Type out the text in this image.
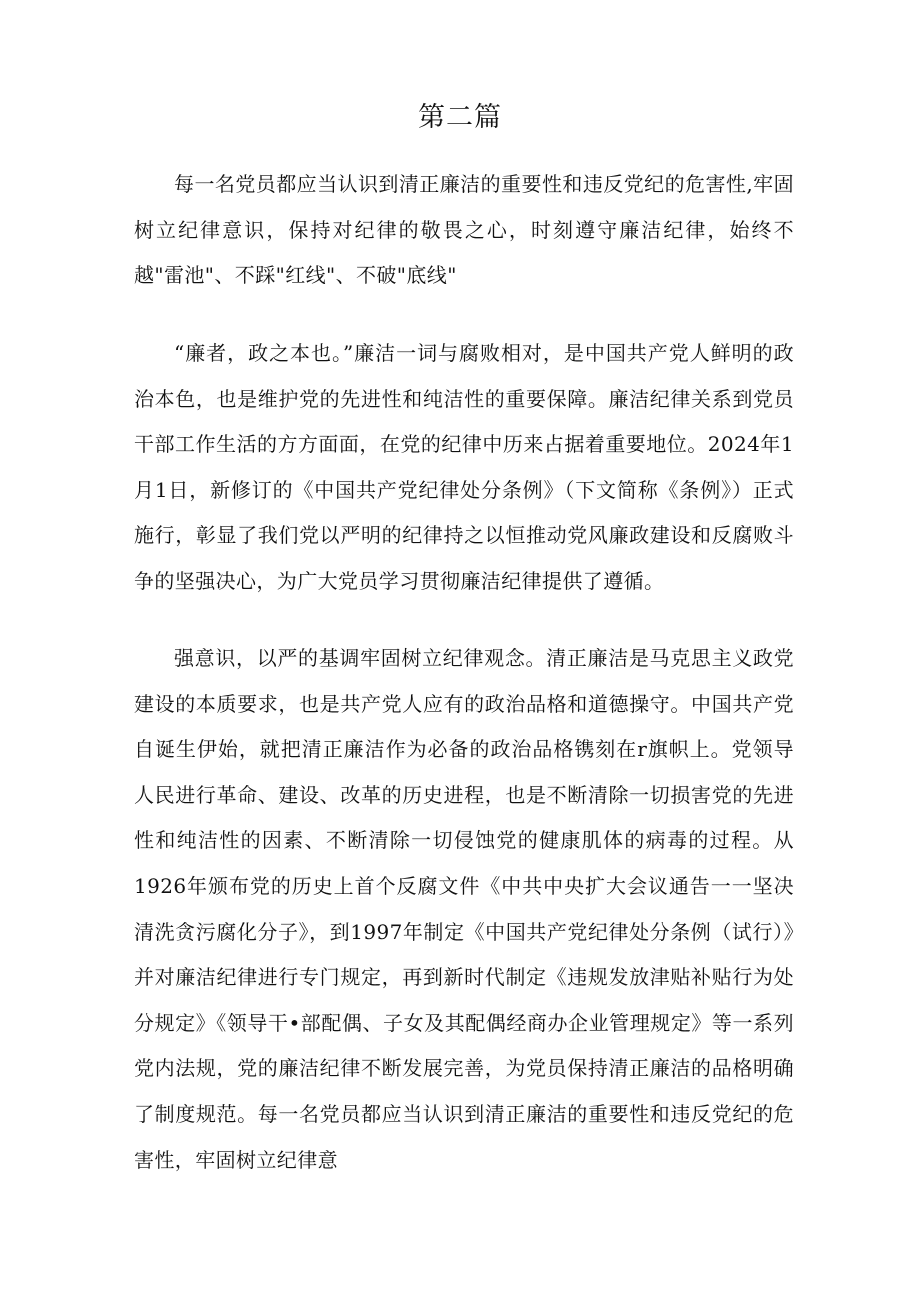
第二篇

每一名党员都应当认识到清正廉洁的重要性和违反党纪的危害性,牢固树立纪律意识，保持对纪律的敬畏之心，时刻遵守廉洁纪律，始终不越"雷池"、不踩"红线"、不破"底线"

“廉者，政之本也。”廉洁一词与腐败相对，是中国共产党人鲜明的政治本色，也是维护党的先进性和纯洁性的重要保障。廉洁纪律关系到党员干部工作生活的方方面面，在党的纪律中历来占据着重要地位。2024年1月1日，新修订的《中国共产党纪律处分条例》（下文简称《条例》）正式施行，彰显了我们党以严明的纪律持之以恒推动党风廉政建设和反腐败斗争的坚强决心，为广大党员学习贯彻廉洁纪律提供了遵循。

强意识，以严的基调牢固树立纪律观念。清正廉洁是马克思主义政党建设的本质要求，也是共产党人应有的政治品格和道德操守。中国共产党自诞生伊始，就把清正廉洁作为必备的政治品格镌刻在r旗帜上。党领导人民进行革命、建设、改革的历史进程，也是不断清除一切损害党的先进性和纯洁性的因素、不断清除一切侵蚀党的健康肌体的病毒的过程。从1926年颁布党的历史上首个反腐文件《中共中央扩大会议通告一一坚决清洗贪污腐化分子》，到1997年制定《中国共产党纪律处分条例（试行）》并对廉洁纪律进行专门规定，再到新时代制定《违规发放津贴补贴行为处分规定》《领导干•部配偶、子女及其配偶经商办企业管理规定》等一系列党内法规，党的廉洁纪律不断发展完善，为党员保持清正廉洁的品格明确了制度规范。每一名党员都应当认识到清正廉洁的重要性和违反党纪的危害性，牢固树立纪律意
